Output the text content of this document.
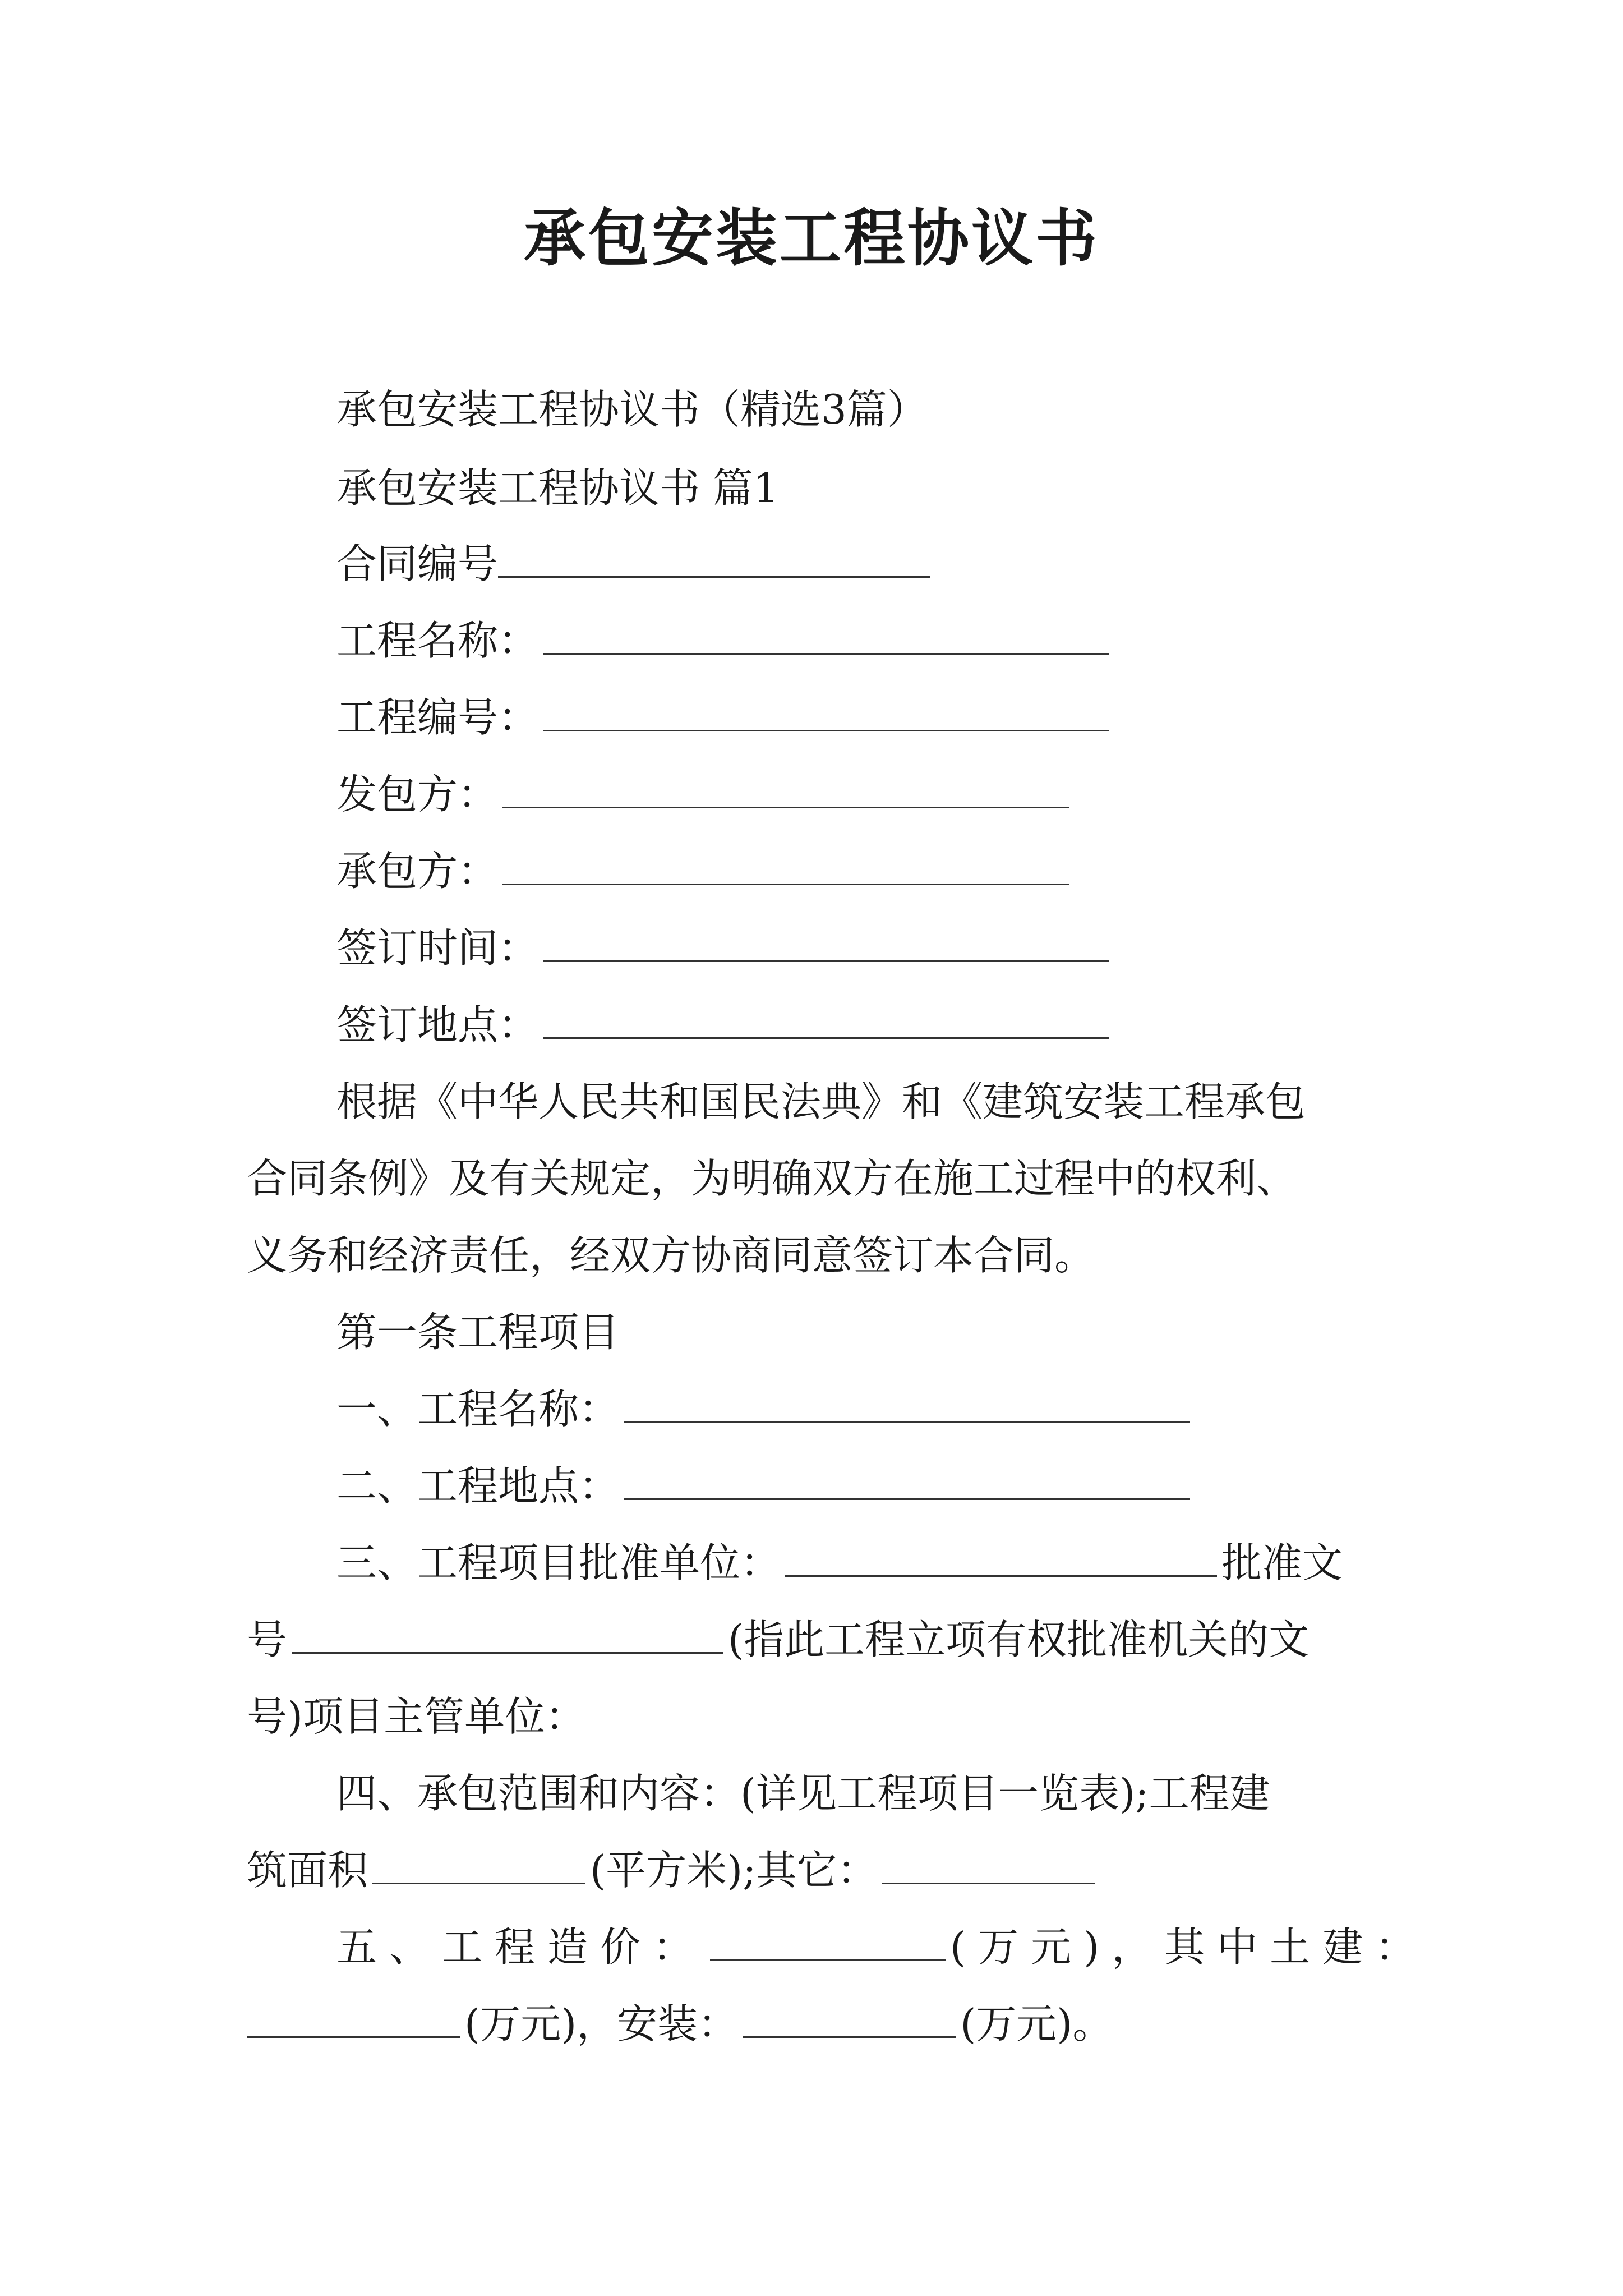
承包安装工程协议书
承包安装工程协议书（精选3篇）
承包安装工程协议书 篇1
合同编号
工程名称：
工程编号：
发包方：
承包方：
签订时间：
签订地点：
根据《中华人民共和国民法典》和《建筑安装工程承包
合同条例》及有关规定，为明确双方在施工过程中的权利、
义务和经济责任，经双方协商同意签订本合同。
第一条工程项目
一、工程名称：
二、工程地点：
三、工程项目批准单位：	批准文
号	(指此工程立项有权批准机关的文
号)项目主管单位：
四、承包范围和内容：(详见工程项目一览表);工程建
筑面积	(平方米);其它：
五、工程造价：	(万元)，其中土建：
(万元)，安装：	(万元)。
